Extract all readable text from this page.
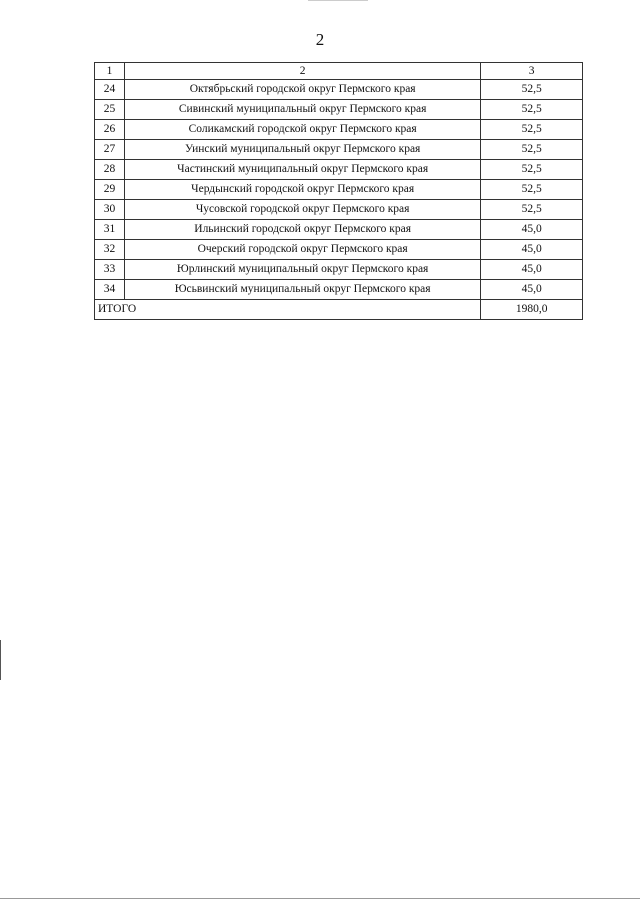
2
1	2	3
24	Октябрьский городской округ Пермского края	52,5
25	Сивинский муниципальный округ Пермского края	52,5
26	Соликамский городской округ Пермского края	52,5
27	Уинский муниципальный округ Пермского края	52,5
28	Частинский муниципальный округ Пермского края	52,5
29	Чердынский городской округ Пермского края	52,5
30	Чусовской городской округ Пермского края	52,5
31	Ильинский городской округ Пермского края	45,0
32	Очерский городской округ Пермского края	45,0
33	Юрлинский муниципальный округ Пермского края	45,0
34	Юсьвинский муниципальный округ Пермского края	45,0
ИТОГО		1980,0
